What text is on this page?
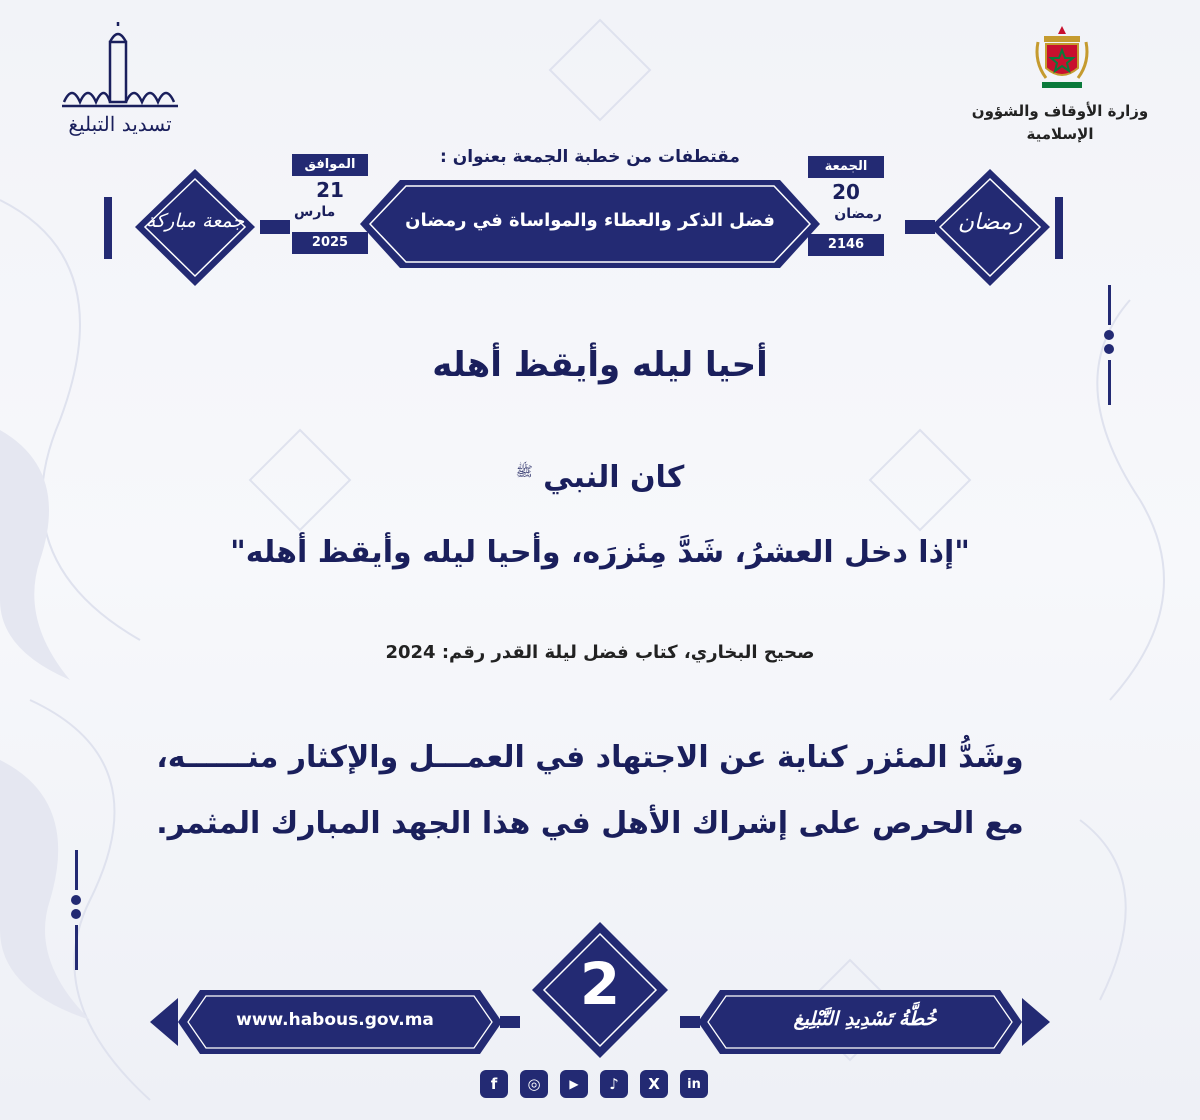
وزارة الأوقاف والشؤون الإسلامية
تسديد التبليغ
مقتطفات من خطبة الجمعة بعنوان :
رمضان
الجمعة
20
رمضان
2146
فضل الذكر والعطاء والمواساة في رمضان
الموافق
21
مارس
2025
جمعة مباركة
أحيا ليله وأيقظ أهله
كان النبي $^ﷺ$
"إذا دخل العشرُ، شَدَّ مِئزرَه، وأحيا ليله وأيقظ أهله"
صحيح البخاري، كتاب فضل ليلة القدر رقم: 2024
وشَدُّ المئزر كناية عن الاجتهاد في العمـــل والإكثار منــــــه،
مع الحرص على إشراك الأهل في هذا الجهد المبارك المثمر.
www.habous.gov.ma
2
خُطَّةُ تَسْدِيدِ التَّبْلِيغ
f	◎	▶	♪	X	in
